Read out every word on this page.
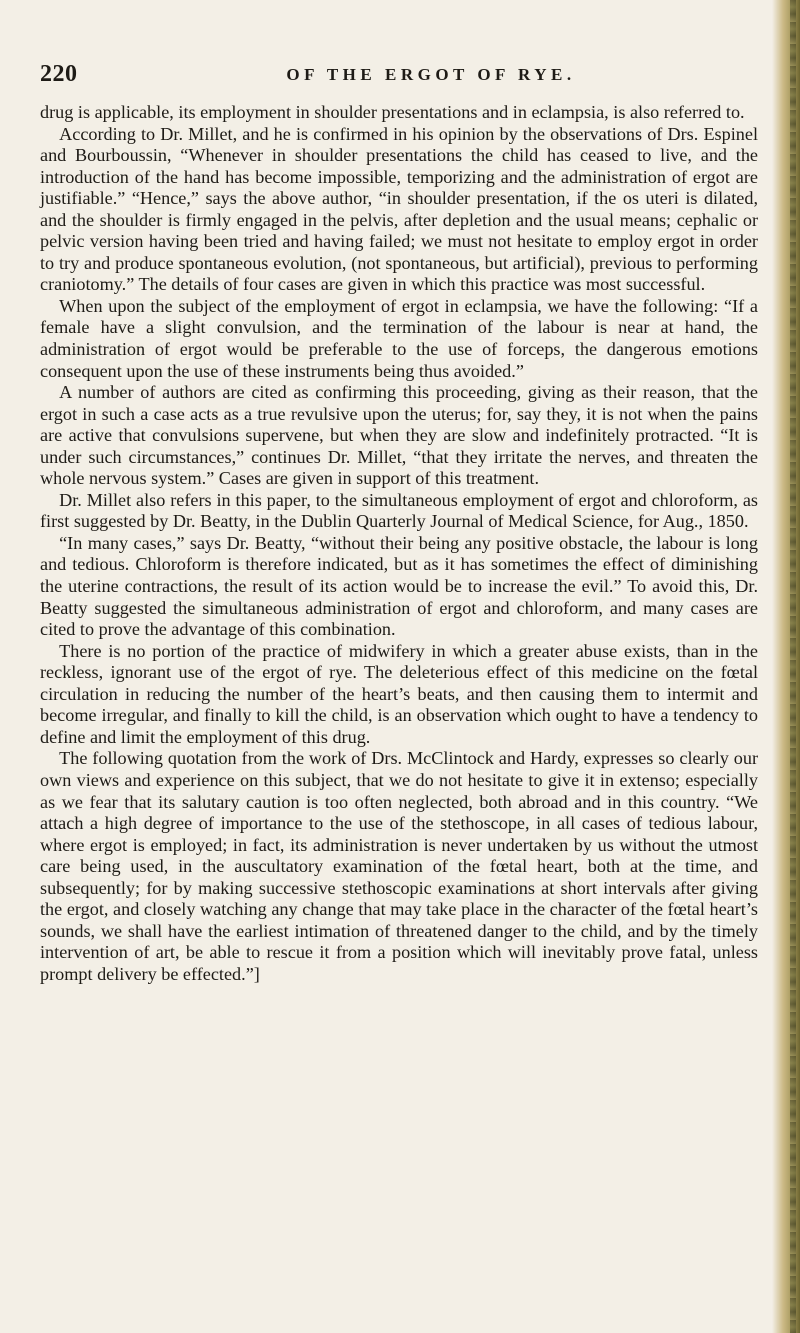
220	OF THE ERGOT OF RYE.

drug is applicable, its employment in shoulder presentations and in eclampsia, is also referred to.

According to Dr. Millet, and he is confirmed in his opinion by the observations of Drs. Espinel and Bourboussin, “Whenever in shoulder presentations the child has ceased to live, and the introduction of the hand has become impossible, temporizing and the administration of ergot are justifiable.” “Hence,” says the above author, “in shoulder presentation, if the os uteri is dilated, and the shoulder is firmly engaged in the pelvis, after depletion and the usual means; cephalic or pelvic version having been tried and having failed; we must not hesitate to employ ergot in order to try and produce spontaneous evolution, (not spontaneous, but artificial), previous to performing craniotomy.” The details of four cases are given in which this practice was most successful.

When upon the subject of the employment of ergot in eclampsia, we have the following: “If a female have a slight convulsion, and the termination of the labour is near at hand, the administration of ergot would be preferable to the use of forceps, the dangerous emotions consequent upon the use of these instruments being thus avoided.”

A number of authors are cited as confirming this proceeding, giving as their reason, that the ergot in such a case acts as a true revulsive upon the uterus; for, say they, it is not when the pains are active that convulsions supervene, but when they are slow and indefinitely protracted. “It is under such circumstances,” continues Dr. Millet, “that they irritate the nerves, and threaten the whole nervous system.” Cases are given in support of this treatment.

Dr. Millet also refers in this paper, to the simultaneous employment of ergot and chloroform, as first suggested by Dr. Beatty, in the Dublin Quarterly Journal of Medical Science, for Aug., 1850.

“In many cases,” says Dr. Beatty, “without their being any positive obstacle, the labour is long and tedious. Chloroform is therefore indicated, but as it has sometimes the effect of diminishing the uterine contractions, the result of its action would be to increase the evil.” To avoid this, Dr. Beatty suggested the simultaneous administration of ergot and chloroform, and many cases are cited to prove the advantage of this combination.

There is no portion of the practice of midwifery in which a greater abuse exists, than in the reckless, ignorant use of the ergot of rye. The deleterious effect of this medicine on the fœtal circulation in reducing the number of the heart’s beats, and then causing them to intermit and become irregular, and finally to kill the child, is an observation which ought to have a tendency to define and limit the employment of this drug.

The following quotation from the work of Drs. McClintock and Hardy, expresses so clearly our own views and experience on this subject, that we do not hesitate to give it in extenso; especially as we fear that its salutary caution is too often neglected, both abroad and in this country. “We attach a high degree of importance to the use of the stethoscope, in all cases of tedious labour, where ergot is employed; in fact, its administration is never undertaken by us without the utmost care being used, in the auscultatory examination of the fœtal heart, both at the time, and subsequently; for by making successive stethoscopic examinations at short intervals after giving the ergot, and closely watching any change that may take place in the character of the fœtal heart’s sounds, we shall have the earliest intimation of threatened danger to the child, and by the timely intervention of art, be able to rescue it from a position which will inevitably prove fatal, unless prompt delivery be effected.”]
